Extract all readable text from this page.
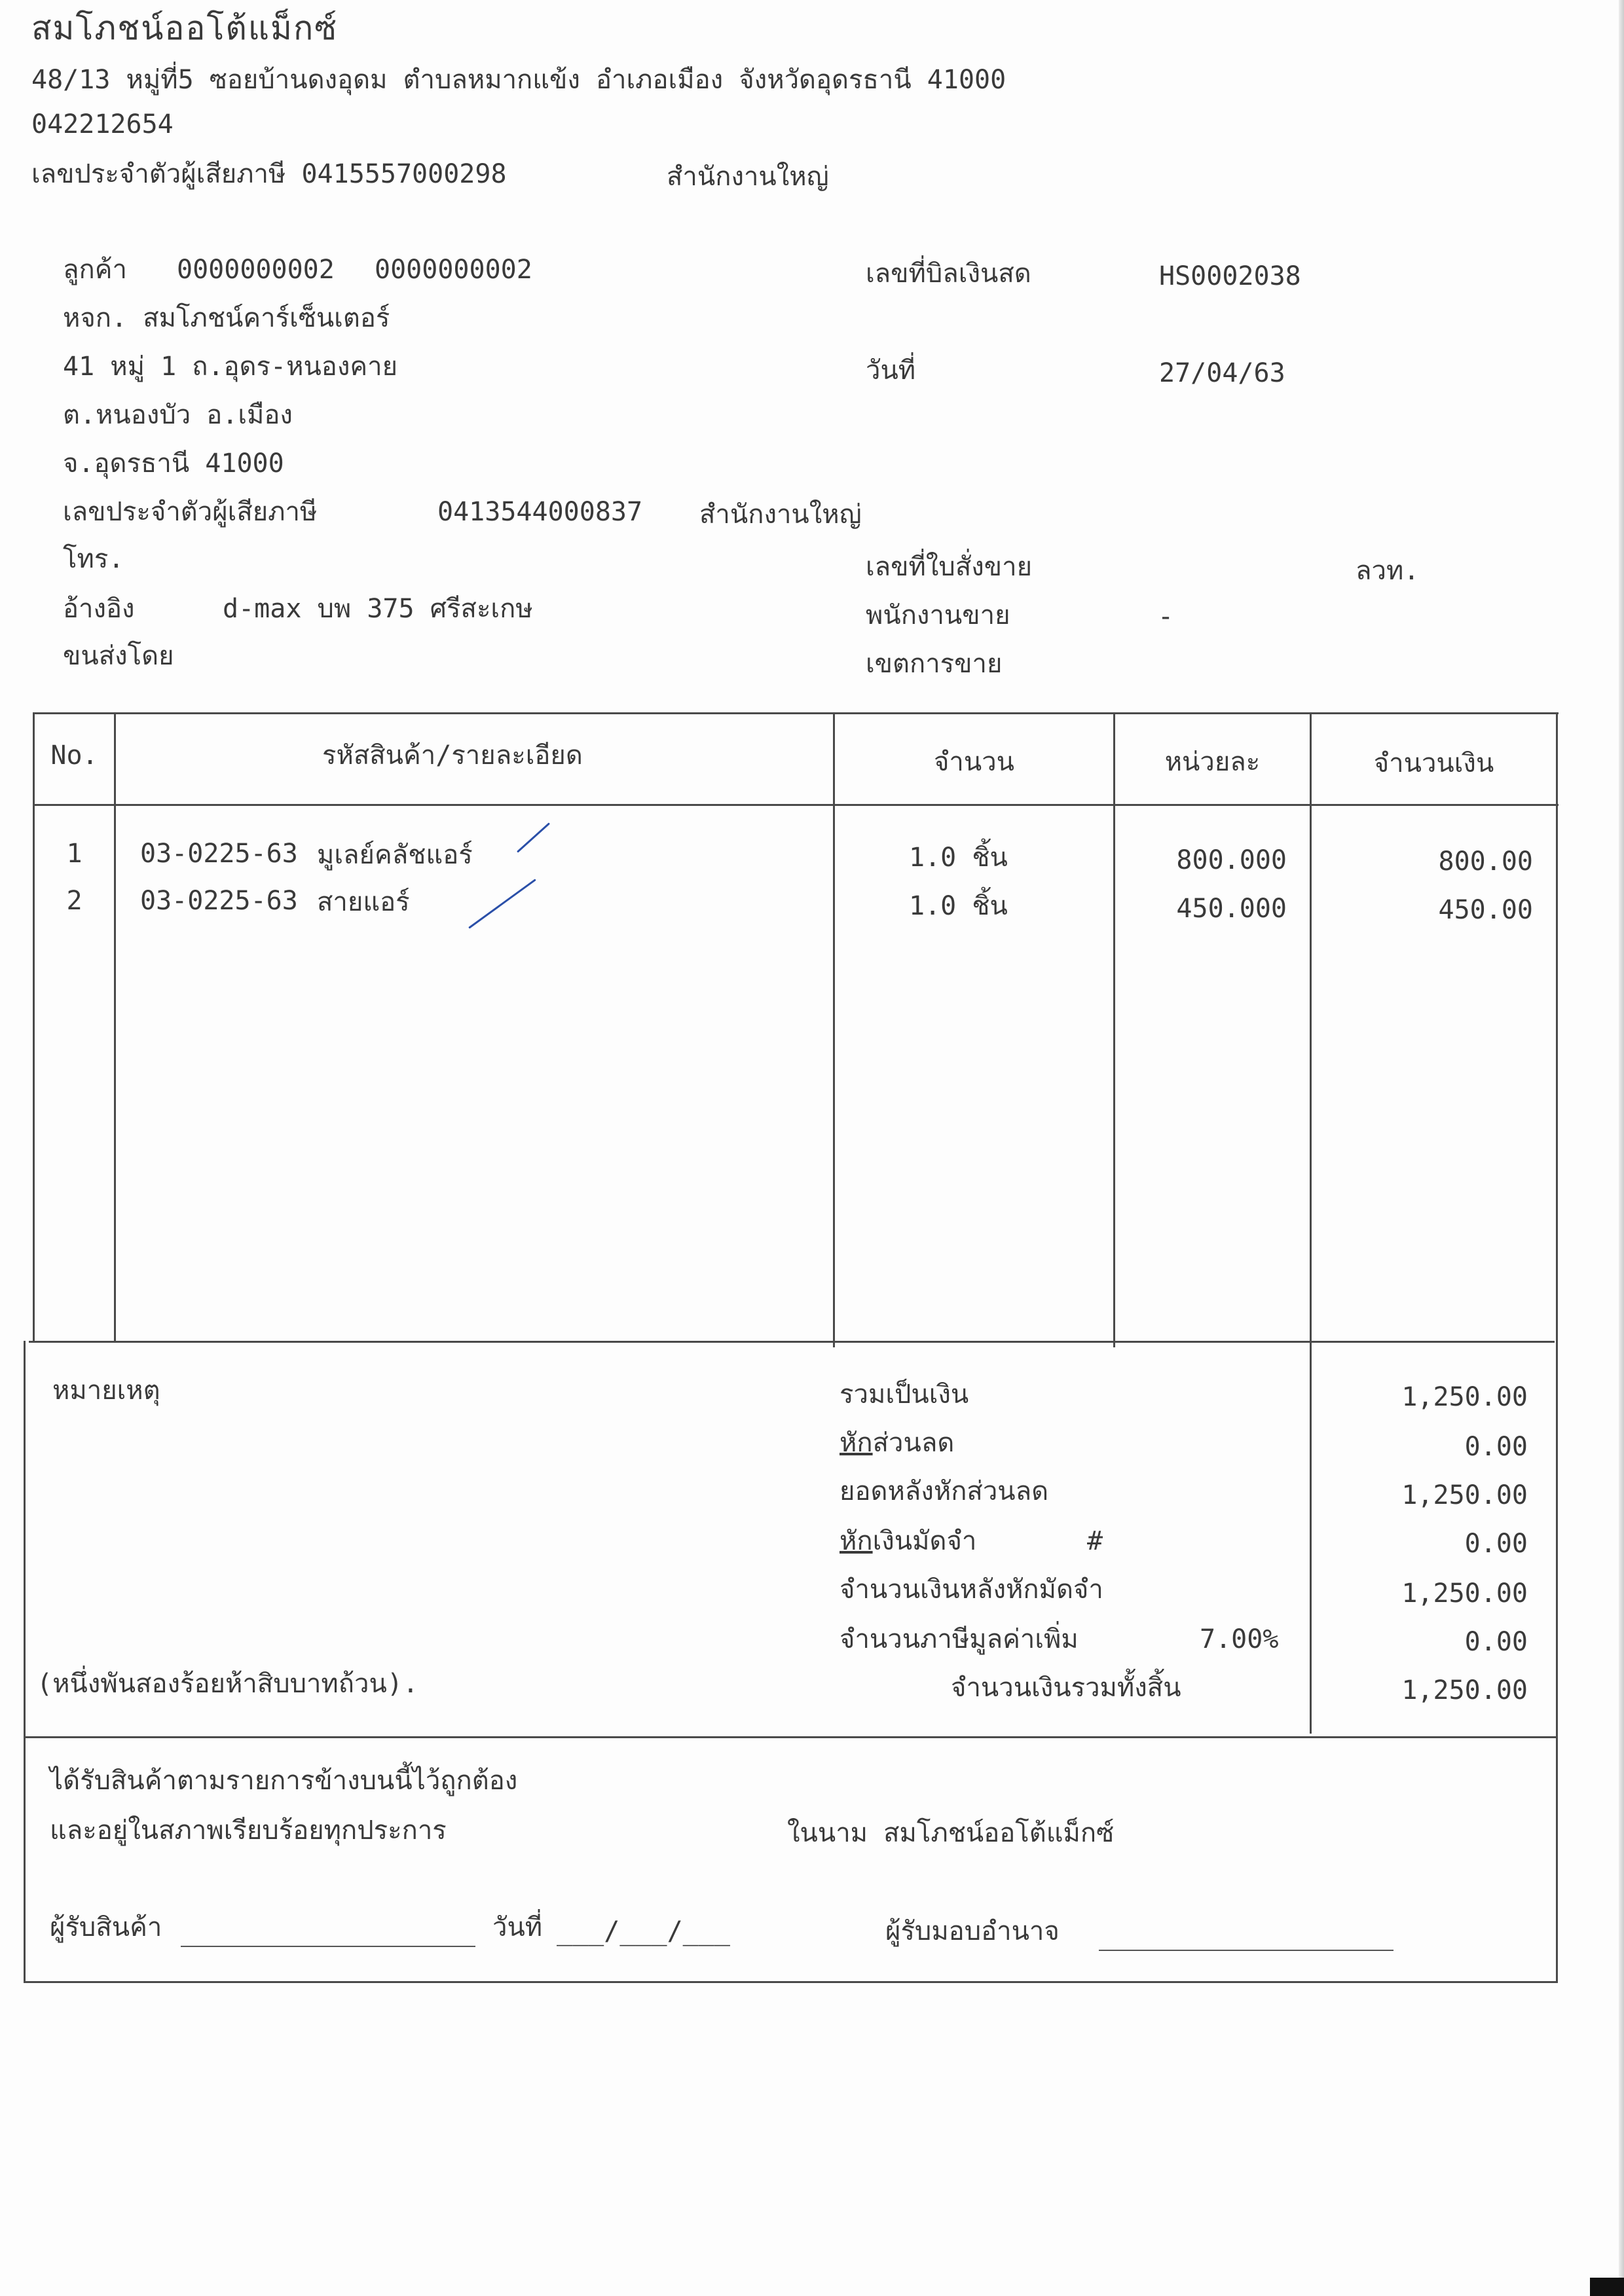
สมโภชน์ออโต้แม็กซ์
48/13 หมู่ที่5 ซอยบ้านดงอุดม ตำบลหมากแข้ง อำเภอเมือง จังหวัดอุดรธานี 41000
042212654
เลขประจำตัวผู้เสียภาษี 0415557000298	สำนักงานใหญ่
ลูกค้า 0000000002 0000000002
หจก. สมโภชน์คาร์เซ็นเตอร์
41 หมู่ 1 ถ.อุดร-หนองคาย
ต.หนองบัว อ.เมือง
จ.อุดรธานี 41000
เลขประจำตัวผู้เสียภาษี	0413544000837 สำนักงานใหญ่
โทร.
อ้างอิง	d-max บพ 375 ศรีสะเกษ
ขนส่งโดย
เลขที่บิลเงินสด	HS0002038
วันที่	27/04/63
เลขที่ใบสั่งขาย	ลวท.
พนักงานขาย	-
เขตการขาย
No.	รหัสสินค้า/รายละเอียด	จำนวน	หน่วยละ	จำนวนเงิน
1	03-0225-63 มูเลย์คลัชแอร์	1.0 ชิ้น	800.000	800.00
2	03-0225-63 สายแอร์	1.0 ชิ้น	450.000	450.00
หมายเหตุ
(หนึ่งพันสองร้อยห้าสิบบาทถ้วน).
รวมเป็นเงิน	1,250.00
หักส่วนลด	0.00
ยอดหลังหักส่วนลด	1,250.00
หักเงินมัดจำ	#	0.00
จำนวนเงินหลังหักมัดจำ	1,250.00
จำนวนภาษีมูลค่าเพิ่ม	7.00%	0.00
จำนวนเงินรวมทั้งสิ้น	1,250.00
ได้รับสินค้าตามรายการข้างบนนี้ไว้ถูกต้อง
และอยู่ในสภาพเรียบร้อยทุกประการ	ในนาม สมโภชน์ออโต้แม็กซ์
ผู้รับสินค้า	วันที่ ___/___/___	ผู้รับมอบอำนาจ
